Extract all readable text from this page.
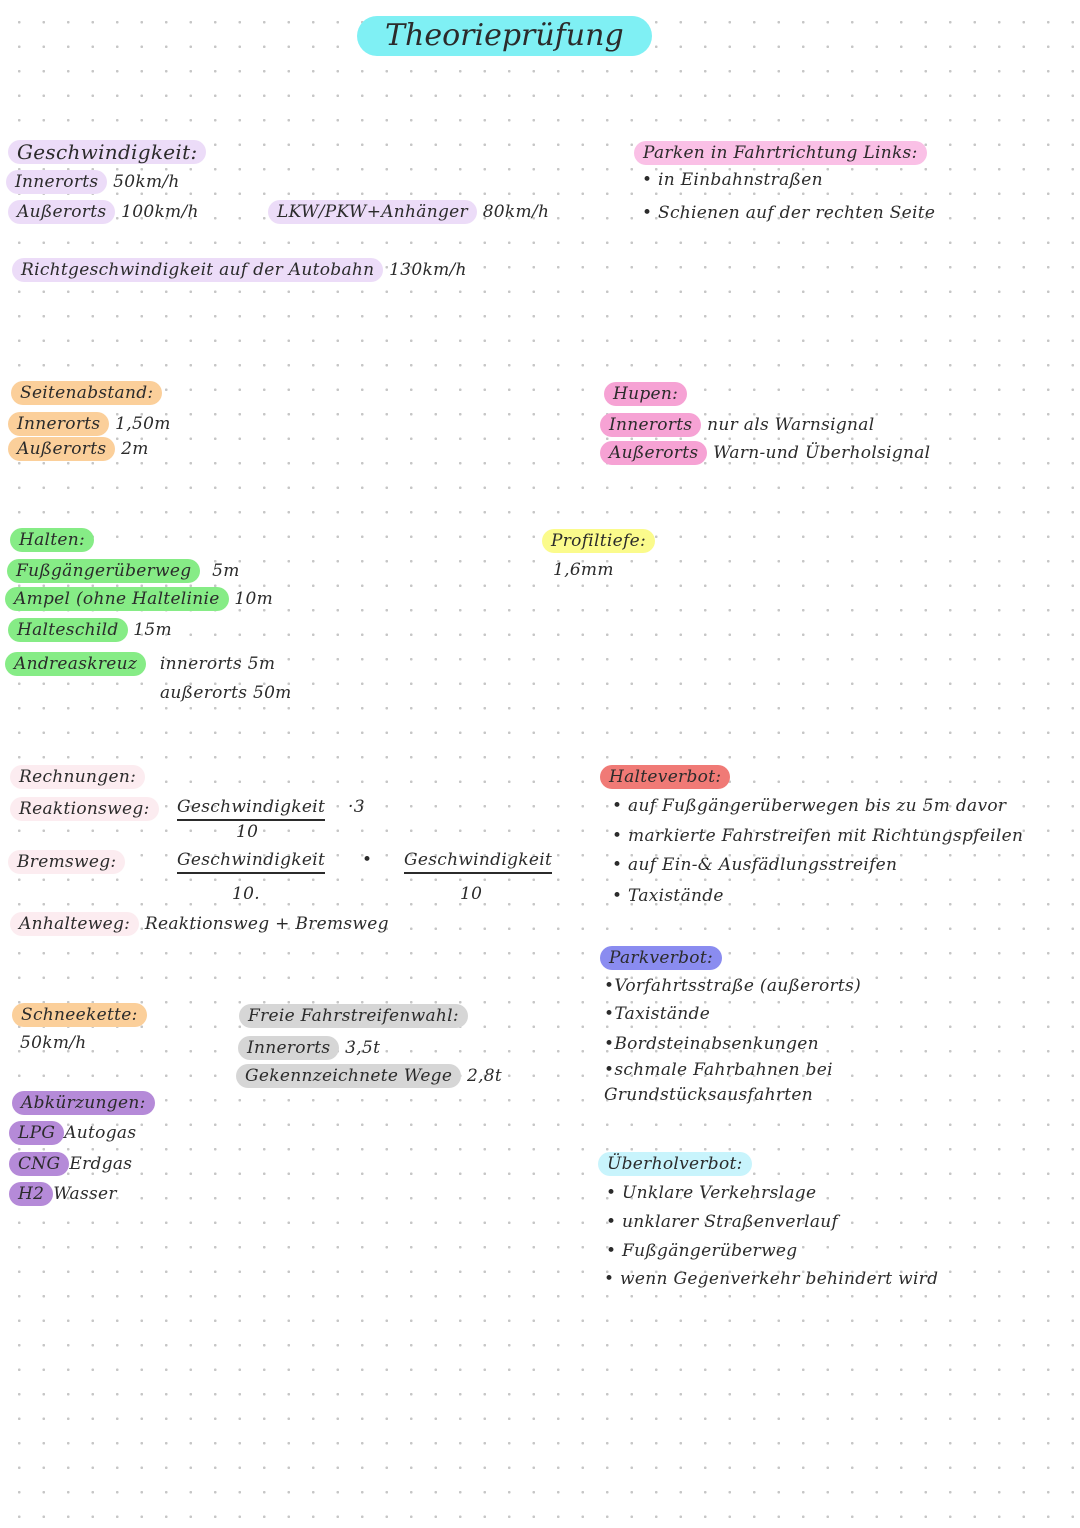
Theorieprüfung
Geschwindigkeit:
Innerorts 50km/h
Außerorts 100km/h	LKW/PKW+Anhänger 80km/h
Richtgeschwindigkeit auf der Autobahn 130km/h
Parken in Fahrtrichtung Links:
• in Einbahnstraßen
• Schienen auf der rechten Seite
Seitenabstand:
Innerorts 1,50m
Außerorts 2m
Hupen:
Innerorts nur als Warnsignal
Außerorts Warn-und Überholsignal
Halten:
Fußgängerüberweg 5m
Ampel (ohne Haltelinie 10m
Halteschild 15m
Andreaskreuz innerorts 5m
außerorts 50m
Profiltiefe:
1,6mm
Rechnungen:
Reaktionsweg:	Geschwindigkeit ·3
10
Bremsweg:	Geschwindigkeit • Geschwindigkeit
10.	10
Anhalteweg: Reaktionsweg + Bremsweg
Halteverbot:
• auf Fußgängerüberwegen bis zu 5m davor
• markierte Fahrstreifen mit Richtungspfeilen
• auf Ein-& Ausfädlungsstreifen
• Taxistände
Parkverbot:
•Vorfahrtsstraße (außerorts)
•Taxistände
•Bordsteinabsenkungen
•schmale Fahrbahnen bei
Grundstücksausfahrten
Schneekette:
50km/h
Freie Fahrstreifenwahl:
Innerorts 3,5t
Gekennzeichnete Wege 2,8t
Abkürzungen:
LPG Autogas
CNG Erdgas
H2 Wasser
Überholverbot:
• Unklare Verkehrslage
• unklarer Straßenverlauf
• Fußgängerüberweg
• wenn Gegenverkehr behindert wird
